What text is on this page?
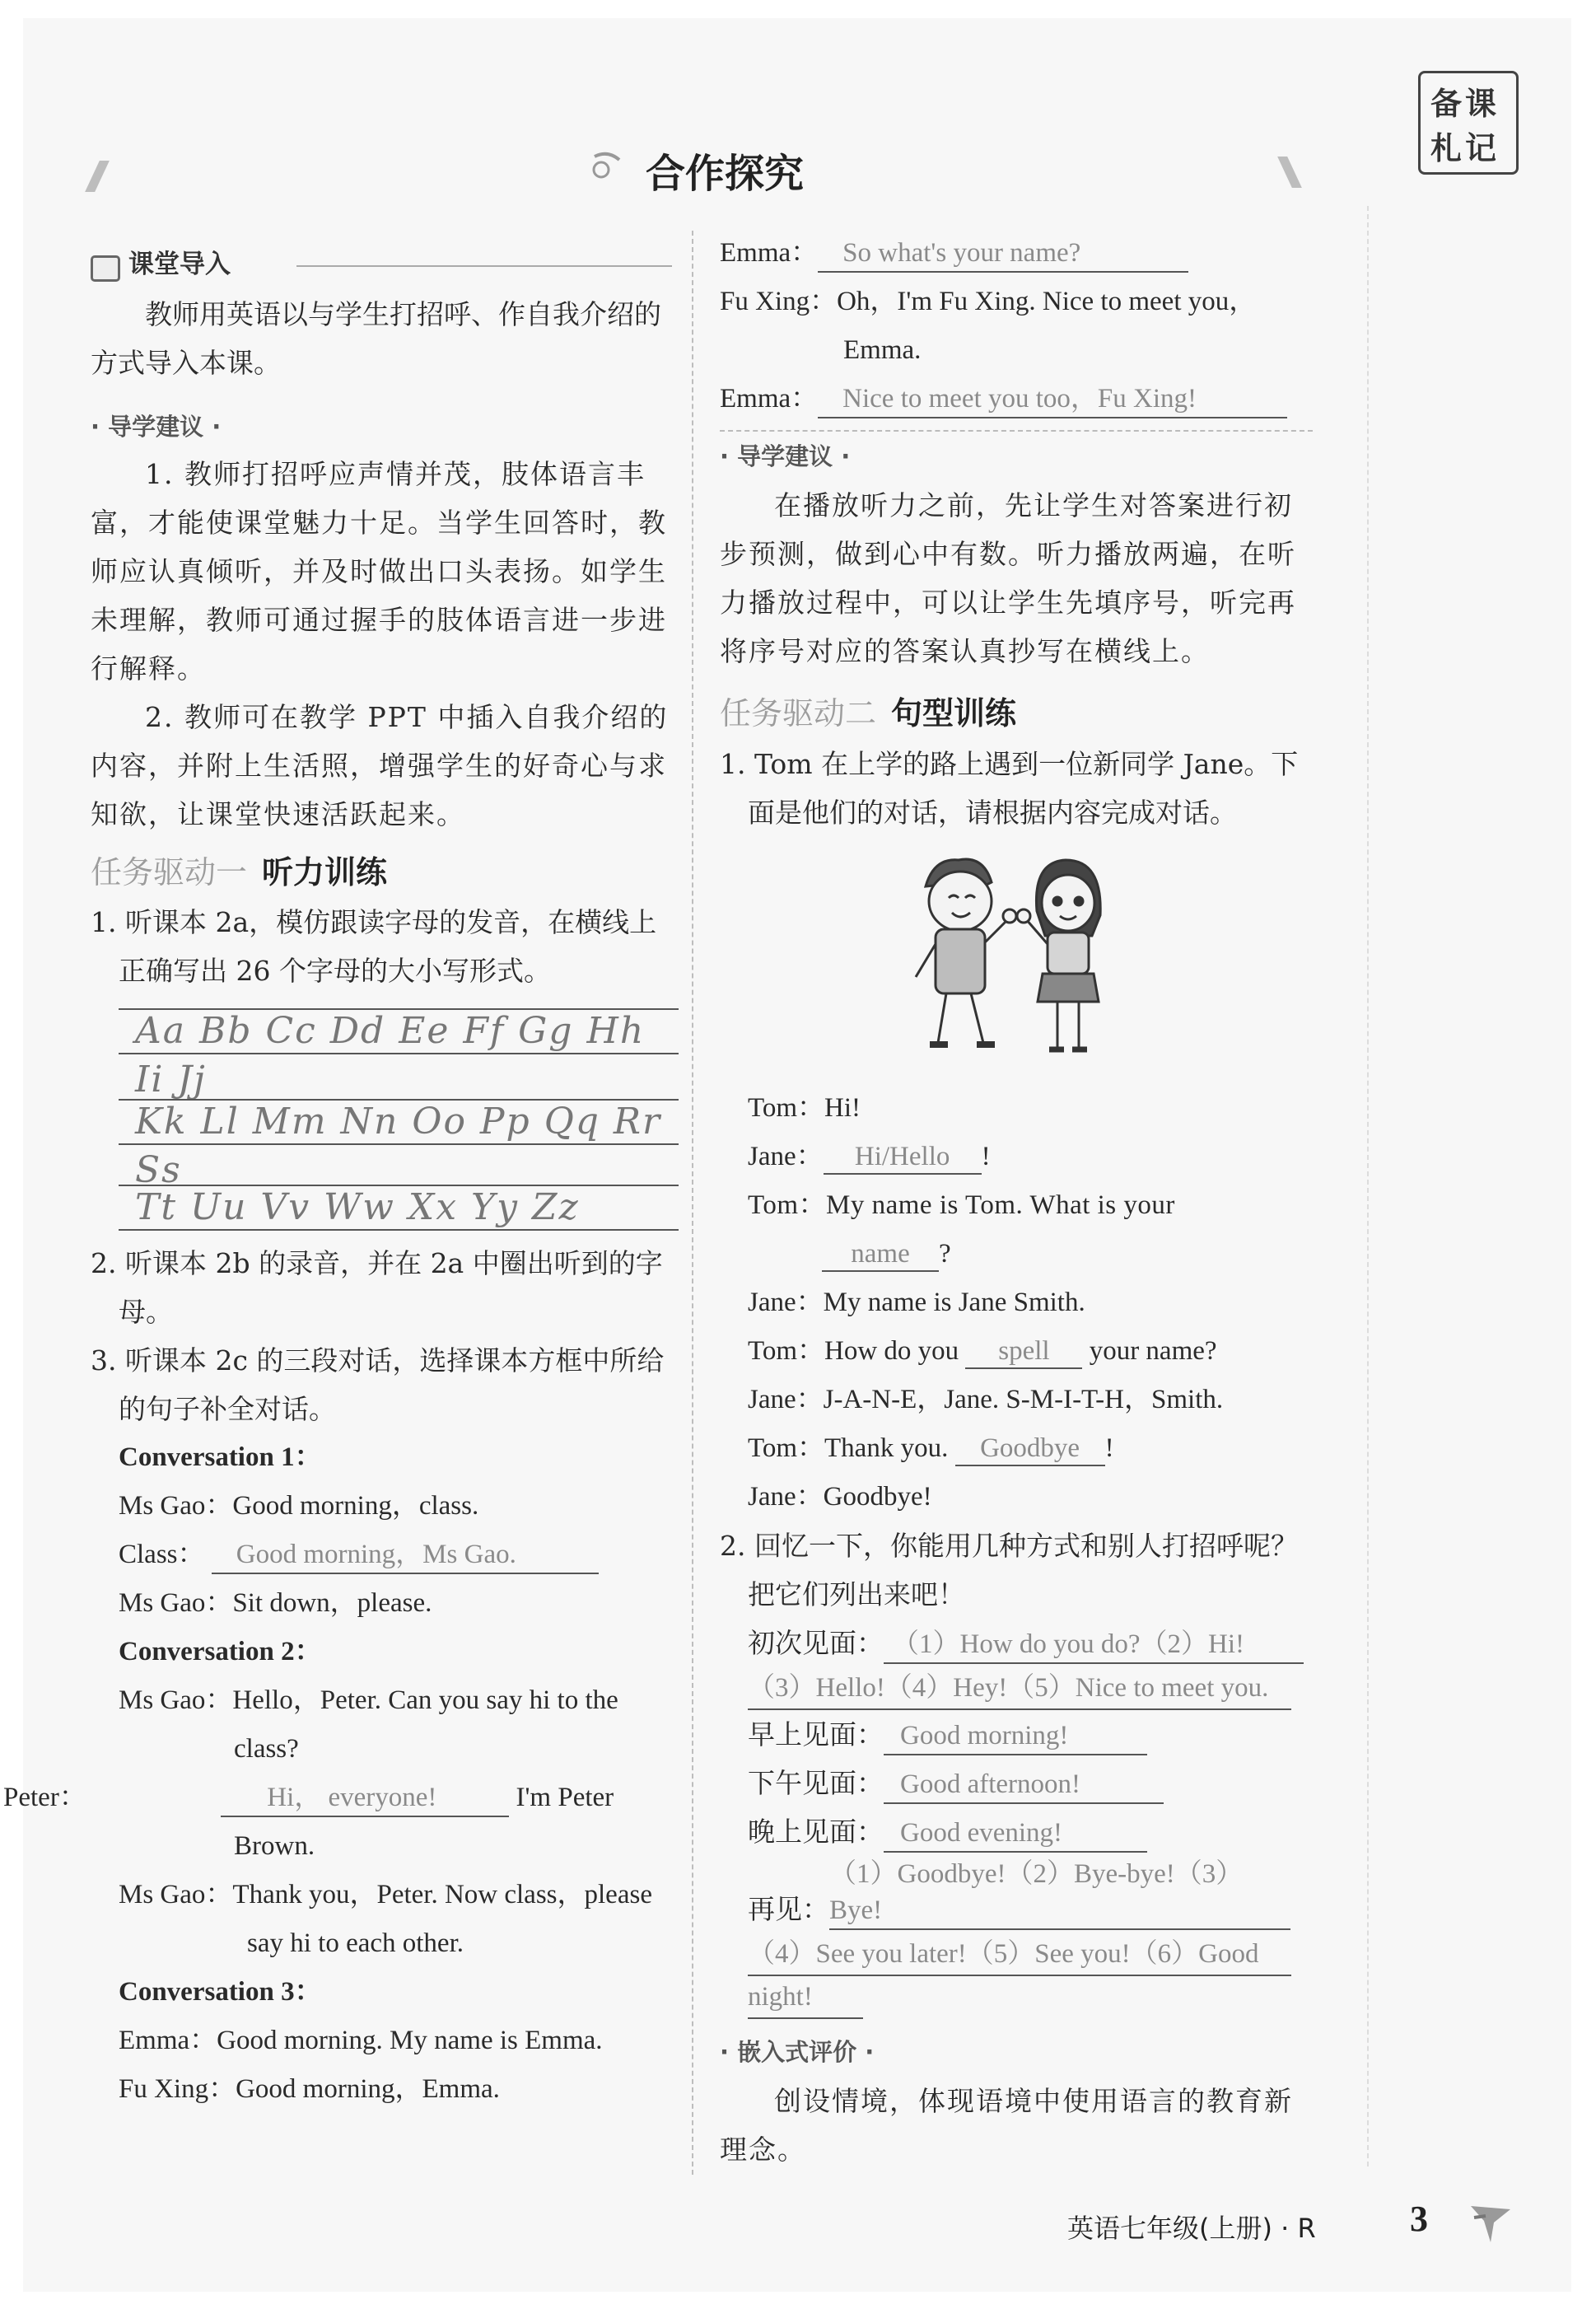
合作探究
备课
札记
课堂导入

教师用英语以与学生打招呼、作自我介绍的方式导入本课。

· 导学建议 ·

1. 教师打招呼应声情并茂，肢体语言丰富，才能使课堂魅力十足。当学生回答时，教师应认真倾听，并及时做出口头表扬。如学生未理解，教师可通过握手的肢体语言进一步进行解释。

2. 教师可在教学 PPT 中插入自我介绍的内容，并附上生活照，增强学生的好奇心与求知欲，让课堂快速活跃起来。

任务驱动一 听力训练

1. 听课本 2a，模仿跟读字母的发音，在横线上正确写出 26 个字母的大小写形式。

Aa Bb Cc Dd Ee Ff Gg Hh Ii Jj
Kk Ll Mm Nn Oo Pp Qq Rr Ss
Tt Uu Vv Ww Xx Yy Zz

2. 听课本 2b 的录音，并在 2a 中圈出听到的字母。

3. 听课本 2c 的三段对话，选择课本方框中所给的句子补全对话。

Conversation 1：

Ms Gao：Good morning，class.

Class： Good morning，Ms Gao.

Ms Gao：Sit down，please.

Conversation 2：

Ms Gao：Hello，Peter. Can you say hi to the class?

Peter：	Hi， everyone!	I'm Peter Brown.

Ms Gao：Thank you，Peter. Now class，please say hi to each other.

Conversation 3：

Emma：Good morning. My name is Emma.

Fu Xing：Good morning，Emma.

Emma： So what's your name?

Fu Xing：Oh，I'm Fu Xing. Nice to meet you，Emma.

Emma： Nice to meet you too，Fu Xing!

· 导学建议 ·

在播放听力之前，先让学生对答案进行初步预测，做到心中有数。听力播放两遍，在听力播放过程中，可以让学生先填序号，听完再将序号对应的答案认真抄写在横线上。

任务驱动二 句型训练

1. Tom 在上学的路上遇到一位新同学 Jane。下面是他们的对话，请根据内容完成对话。

Tom：Hi!

Jane： Hi/Hello !

Tom：My name is Tom. What is your

name ?

Jane：My name is Jane Smith.

Tom：How do you spell your name?

Jane：J-A-N-E，Jane. S-M-I-T-H，Smith.

Tom：Thank you. Goodbye !

Jane：Goodbye!

2. 回忆一下，你能用几种方式和别人打招呼呢？把它们列出来吧！

初次见面： （1）How do you do?（2）Hi!

（3）Hello!（4）Hey!（5）Nice to meet you.

早上见面： Good morning!

下午见面： Good afternoon!

晚上见面： Good evening!

再见：（1）Goodbye!（2）Bye-bye!（3）Bye!

（4）See you later!（5）See you!（6）Good
night!
· 嵌入式评价 ·

创设情境，体现语境中使用语言的教育新理念。

英语七年级(上册) · R	3
